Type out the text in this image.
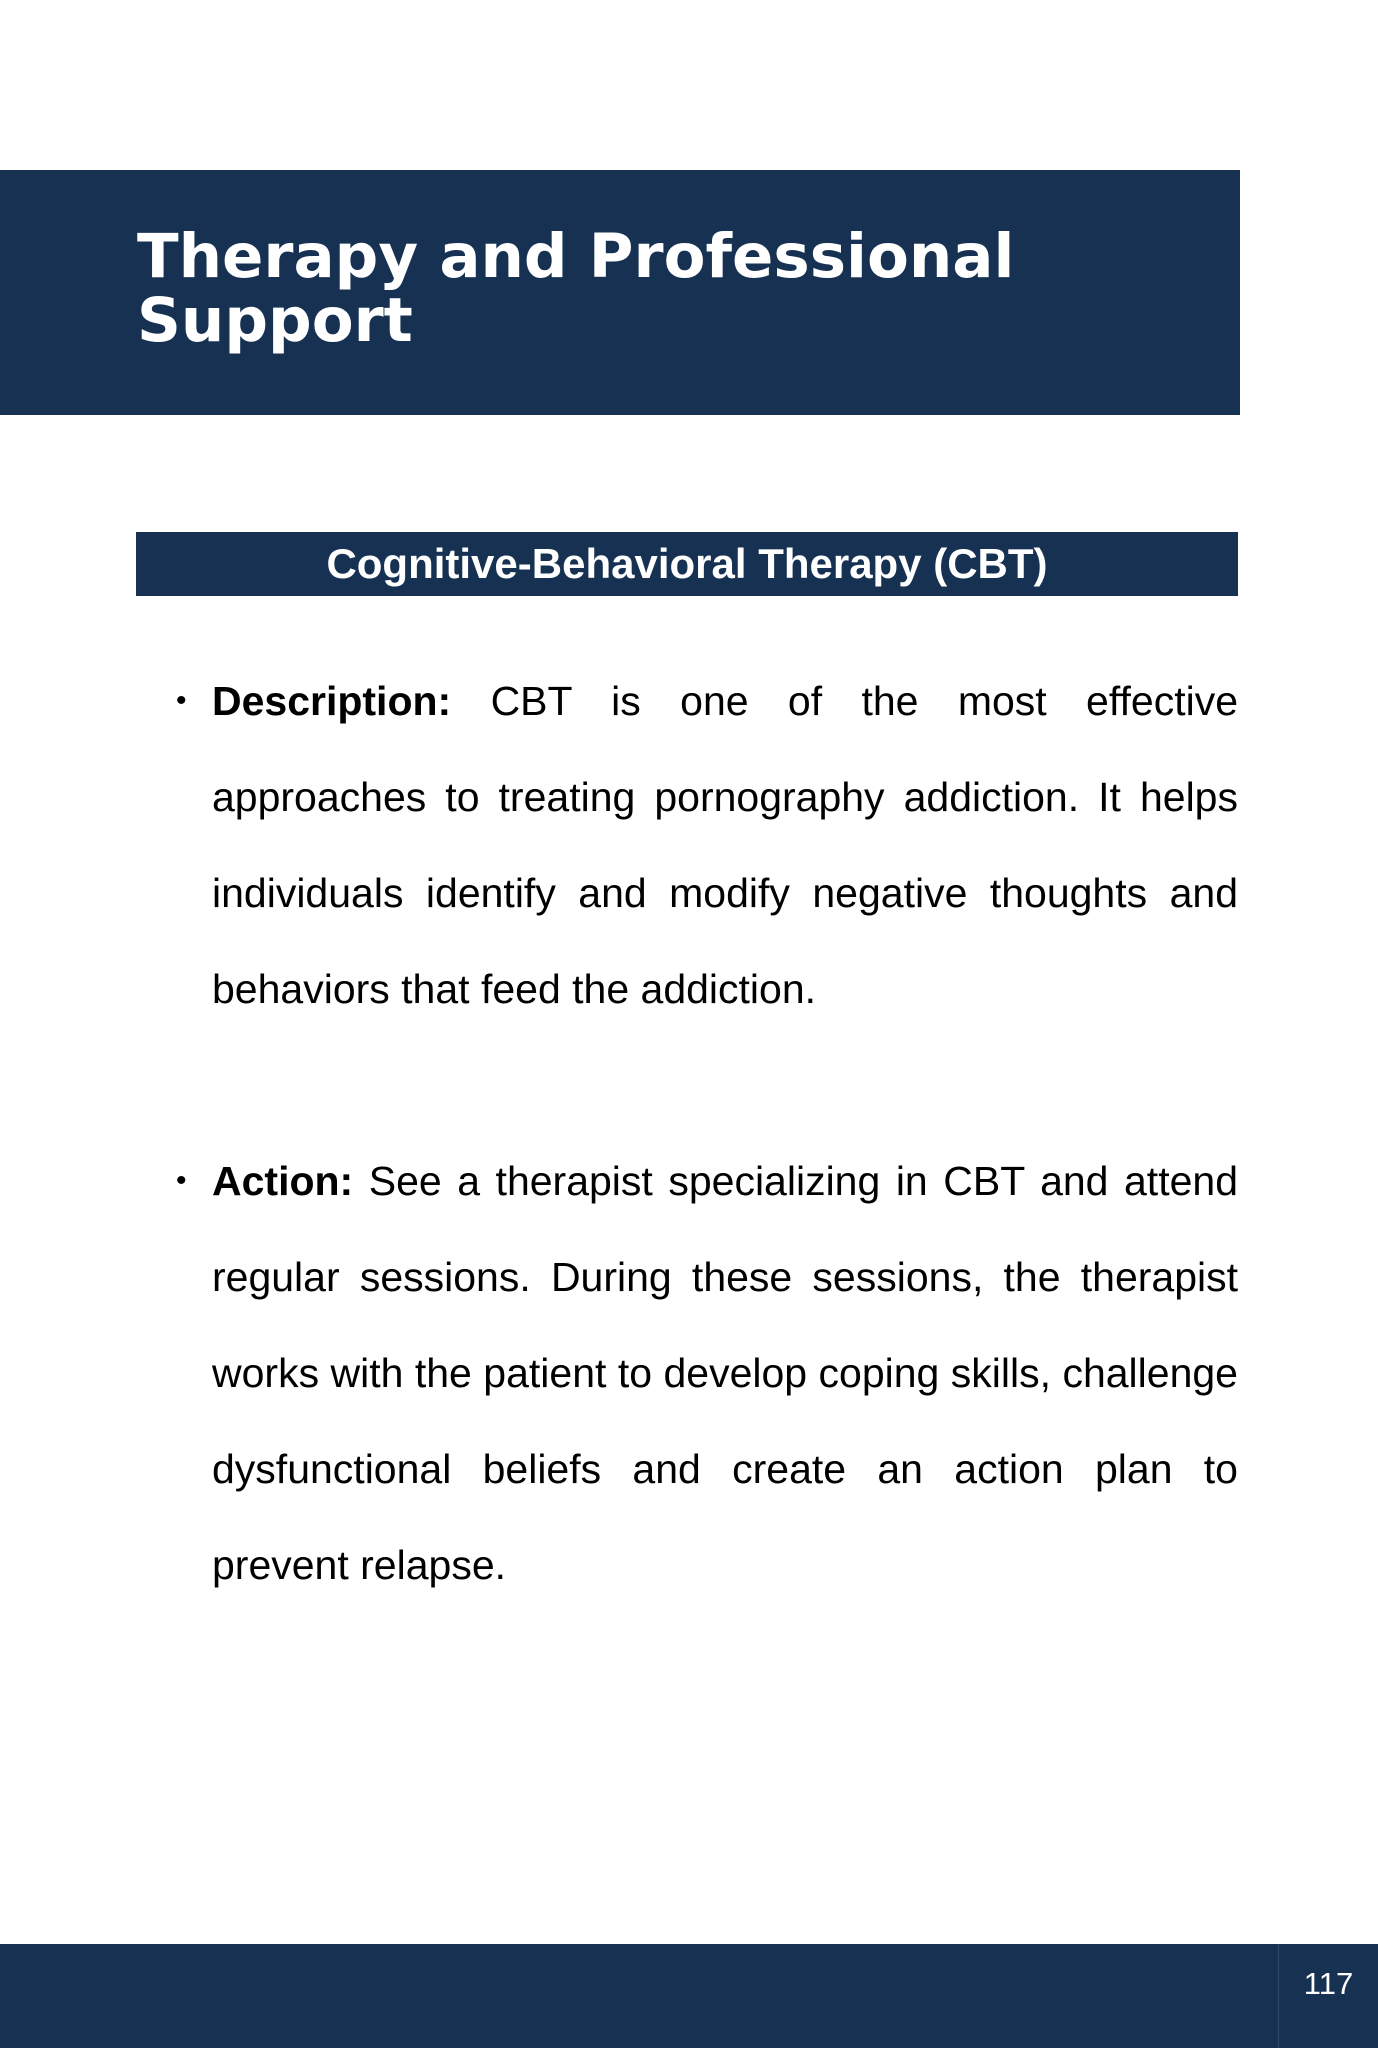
Therapy and Professional Support
Cognitive-Behavioral Therapy (CBT)
• Description: CBT is one of the most effective approaches to treating pornography addiction. It helps individuals identify and modify negative thoughts and behaviors that feed the addiction.
• Action: See a therapist specializing in CBT and attend regular sessions. During these sessions, the therapist works with the patient to develop coping skills, challenge dysfunctional beliefs and create an action plan to prevent relapse.
117
